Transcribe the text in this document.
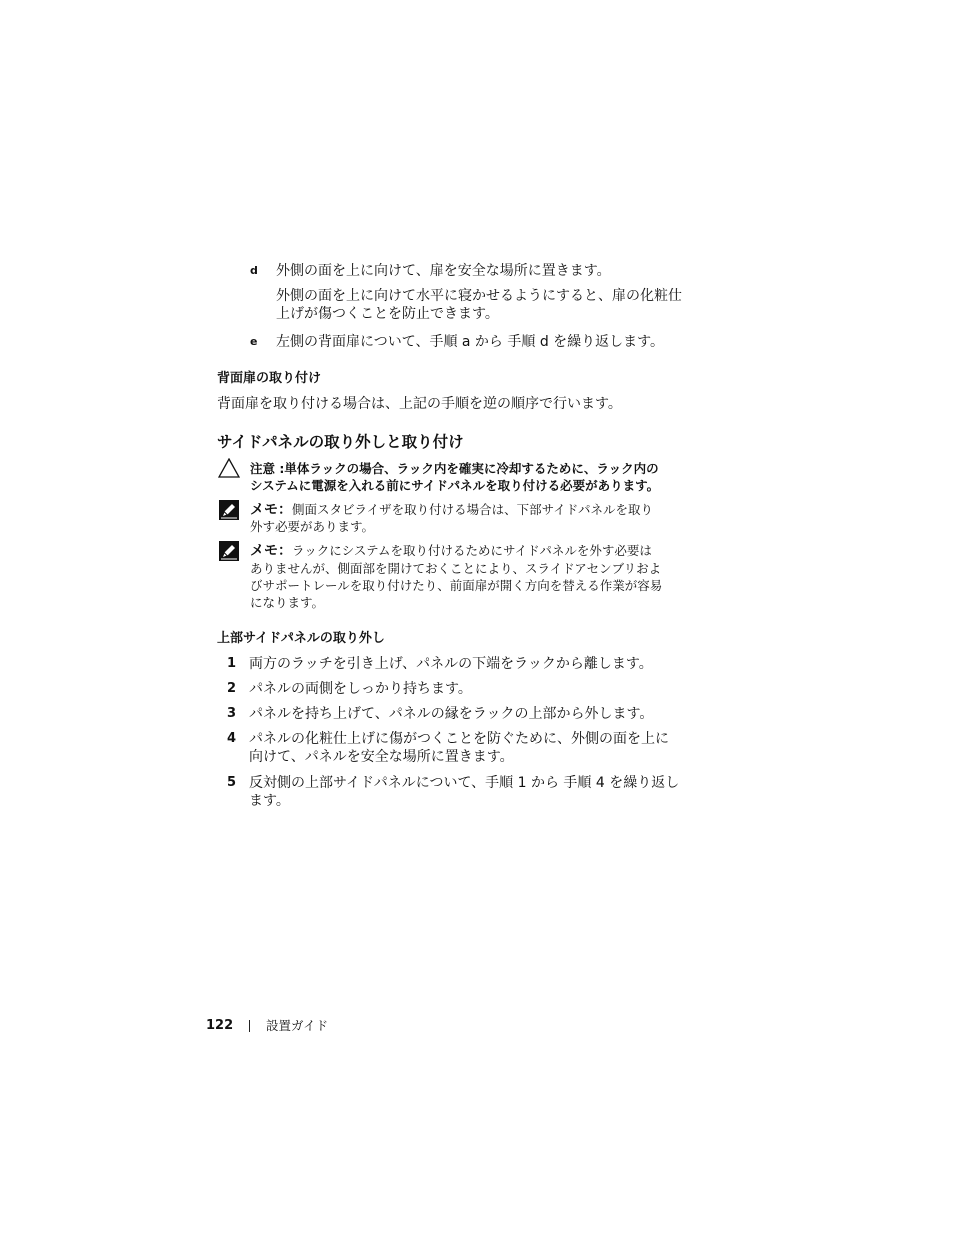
d 外側の面を上に向けて、扉を安全な場所に置きます。
外側の面を上に向けて水平に寝かせるようにすると、扉の化粧仕
上げが傷つくことを防止できます。
e 左側の背面扉について、手順 a から 手順 d を繰り返します。
背面扉の取り付け
背面扉を取り付ける場合は、上記の手順を逆の順序で行います。
サイドパネルの取り外しと取り付け
注意 :単体ラックの場合、ラック内を確実に冷却するために、ラック内の
システムに電源を入れる前にサイドパネルを取り付ける必要があります。
メモ：側面スタビライザを取り付ける場合は、下部サイドパネルを取り
外す必要があります。
メモ：ラックにシステムを取り付けるためにサイドパネルを外す必要は
ありませんが、側面部を開けておくことにより、スライドアセンブリおよ
びサポートレールを取り付けたり、前面扉が開く方向を替える作業が容易
になります。
上部サイドパネルの取り外し
1 両方のラッチを引き上げ、パネルの下端をラックから離します。
2 パネルの両側をしっかり持ちます。
3 パネルを持ち上げて、パネルの縁をラックの上部から外します。
4 パネルの化粧仕上げに傷がつくことを防ぐために、外側の面を上に
向けて、パネルを安全な場所に置きます。
5 反対側の上部サイドパネルについて、手順 1 から 手順 4 を繰り返し
ます。
122	設置ガイド
